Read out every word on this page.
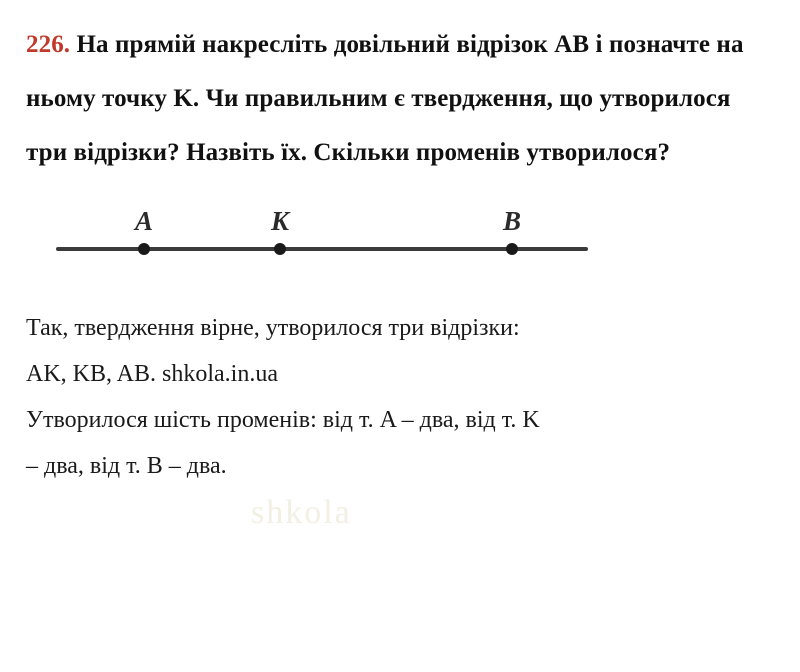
226. На прямій накресліть довільний відрізок AB і позначте на ньому точку K. Чи правильним є твердження, що утворилося три відрізки? Назвіть їх. Скільки променів утворилося?
A	K	B
shkola

Так, твердження вірне, утворилося три відрізки:

AK, KB, AB. shkola.in.ua

Утворилося шість променів: від т. A – два, від т. K

– два, від т. B – два.
